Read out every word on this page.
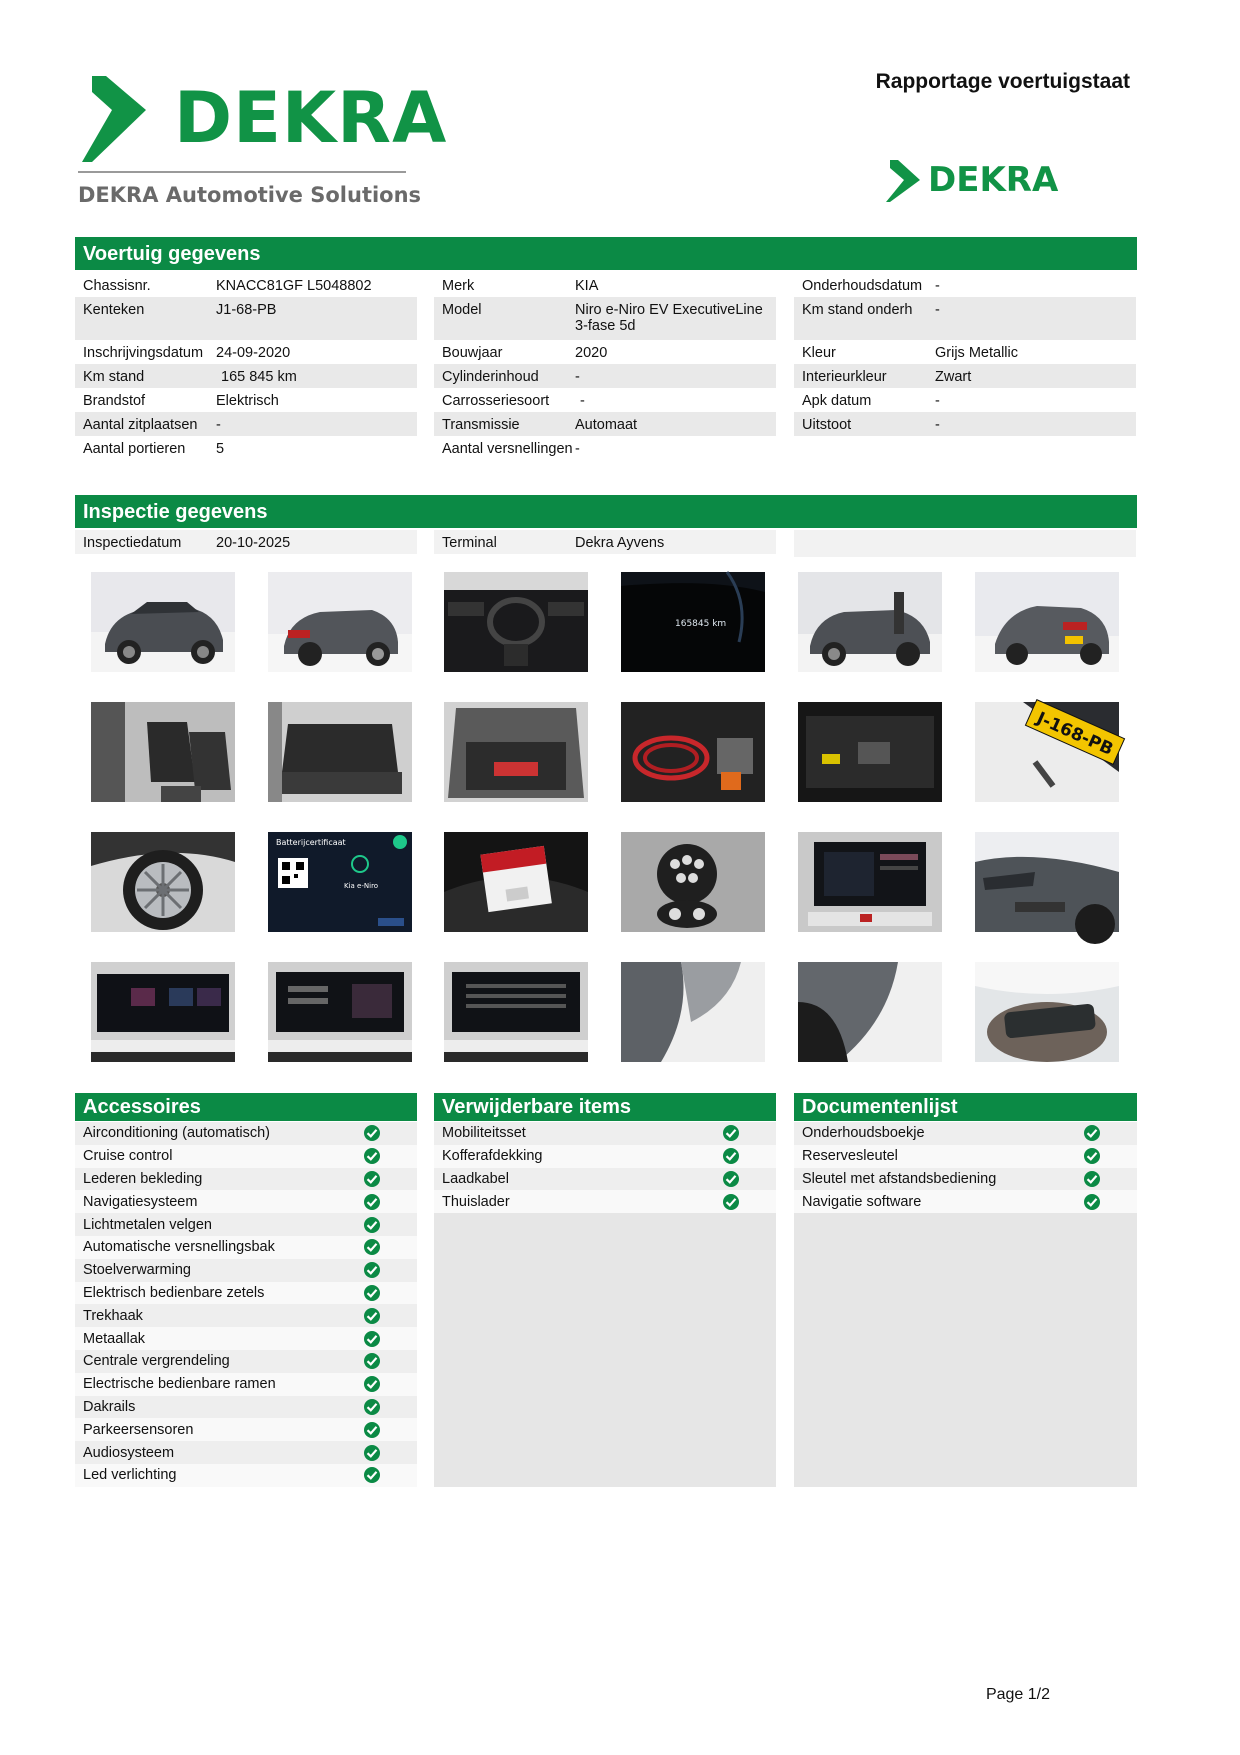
DEKRA
DEKRA Automotive Solutions
Rapportage voertuigstaat
DEKRA
Voertuig gegevens
Chassisnr.	KNACC81GF L5048802
Kenteken	J1-68-PB
Inschrijvingsdatum 24-09-2020
Km stand	165 845 km
Brandstof	Elektrisch
Aantal zitplaatsen	-
Aantal portieren	5
Merk	KIA
Model	Niro e-Niro EV ExecutiveLine 3-fase 5d
Bouwjaar	2020
Cylinderinhoud	-
Carrosseriesoort	-
Transmissie	Automaat
Aantal versnellingen -
Onderhoudsdatum -
Km stand onderh	-
Kleur	Grijs Metallic
Interieurkleur	Zwart
Apk datum	-
Uitstoot	-
Inspectie gegevens
Inspectiedatum	20-10-2025	Terminal	Dekra Ayvens
165845 km
J-168-PB
Batterijcertificaat
Kia e-Niro
Accessoires	Verwijderbare items	Documentenlijst
Airconditioning (automatisch)
Cruise control
Lederen bekleding
Navigatiesysteem
Lichtmetalen velgen
Automatische versnellingsbak
Stoelverwarming
Elektrisch bedienbare zetels
Trekhaak
Metaallak
Centrale vergrendeling
Electrische bedienbare ramen
Dakrails
Parkeersensoren
Audiosysteem
Led verlichting
Mobiliteitsset
Kofferafdekking
Laadkabel
Thuislader
Onderhoudsboekje
Reservesleutel
Sleutel met afstandsbediening
Navigatie software
Page 1/2
